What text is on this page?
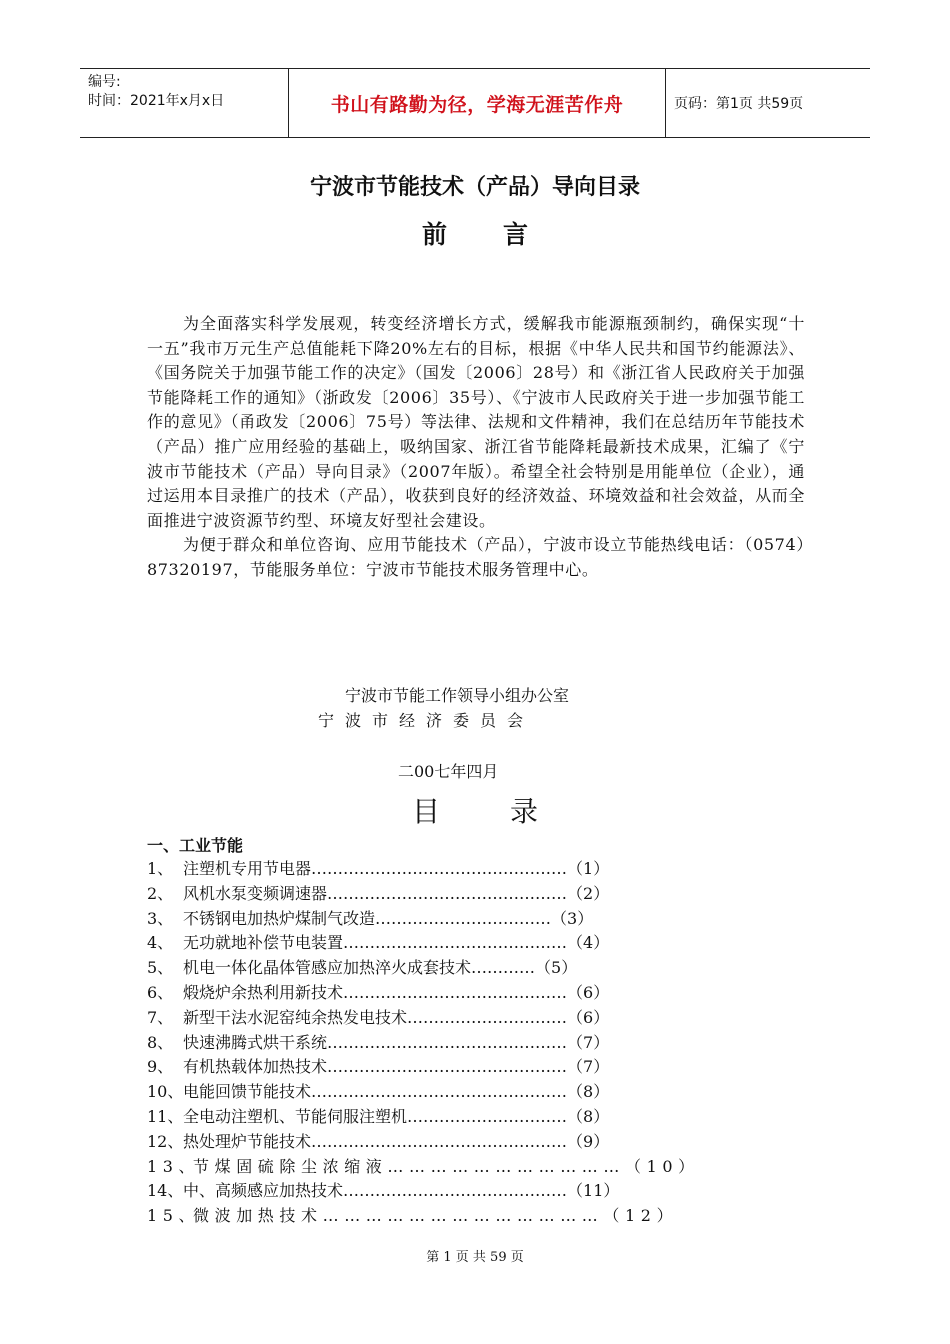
编号:
时间：2021年x月x日	书山有路勤为径，学海无涯苦作舟	页码：第1页 共59页
宁波市节能技术（产品）导向目录
前言

为全面落实科学发展观，转变经济增长方式，缓解我市能源瓶颈制约，确保实现“十一五”我市万元生产总值能耗下降20%左右的目标，根据《中华人民共和国节约能源法》、《国务院关于加强节能工作的决定》（国发〔2006〕28号）和《浙江省人民政府关于加强节能降耗工作的通知》（浙政发〔2006〕35号）、《宁波市人民政府关于进一步加强节能工作的意见》（甬政发〔2006〕75号）等法律、法规和文件精神，我们在总结历年节能技术（产品）推广应用经验的基础上，吸纳国家、浙江省节能降耗最新技术成果，汇编了《宁波市节能技术（产品）导向目录》（2007年版）。希望全社会特别是用能单位（企业），通过运用本目录推广的技术（产品），收获到良好的经济效益、环境效益和社会效益，从而全面推进宁波资源节约型、环境友好型社会建设。

为便于群众和单位咨询、应用节能技术（产品），宁波市设立节能热线电话：（0574）87320197，节能服务单位：宁波市节能技术服务管理中心。

宁波市节能工作领导小组办公室
宁波市经济委员会
二00七年四月
目录
一、工业节能
1、 注塑机专用节电器…………………………………………（1）
2、 风机水泵变频调速器………………………………………（2）
3、 不锈钢电加热炉煤制气改造……………………………（3）
4、 无功就地补偿节电装置……………………………………（4）
5、 机电一体化晶体管感应加热淬火成套技术…………（5）
6、 煅烧炉余热利用新技术……………………………………（6）
7、 新型干法水泥窑纯余热发电技术…………………………（6）
8、 快速沸腾式烘干系统………………………………………（7）
9、 有机热载体加热技术………………………………………（7）
10、电能回馈节能技术…………………………………………（8）
11、全电动注塑机、节能伺服注塑机…………………………（8）
12、热处理炉节能技术…………………………………………（9）
13、节煤固硫除尘浓缩液……………………………（10）
14、中、高频感应加热技术……………………………………（11）
15、微波加热技术…………………………………（12）
第 1 页 共 59 页
